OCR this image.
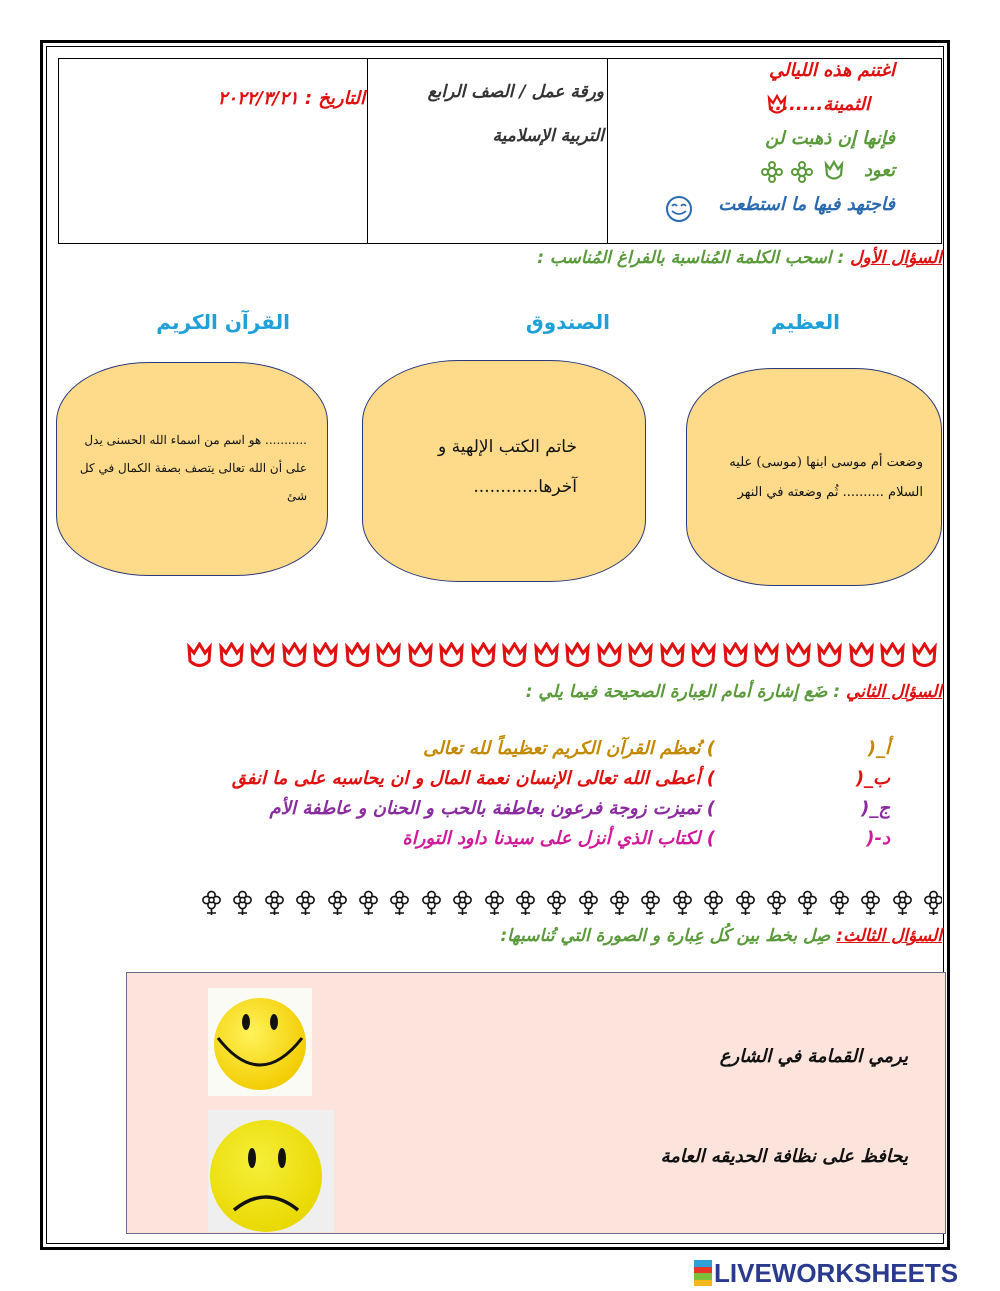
اغتنم هذه الليالي
الثمينة........
فإنها إن ذهبت لن
تعود
فاجتهد فيها ما استطعت
ورقة عمل / الصف الرابع
التربية الإسلامية
التاريخ : ٢٠٢٢/٣/٢١
السؤال الأول : اسحب الكلمة المُناسبة بالفراغ المُناسب :
العظيم
الصندوق
القرآن الكريم
وضعت أم موسى ابنها (موسى) عليه
السلام .......... ثُم وضعته في النهر
خاتم الكتب الإلهية و
آخرها............
........... هو اسم من اسماء الله الحسنى يدل
على أن الله تعالى يتصف بصفة الكمال في كل
شئ
السؤال الثاني : ضَع إشارة أمام العِبارة الصحيحة فيما يلي :
أ_(
) نُعظم القرآن الكريم تعظيماً لله تعالى
ب_(
) أعطى الله تعالى الإنسان نعمة المال و ان يحاسبه على ما انفق
ج_(
) تميزت زوجة فرعون بعاطفة بالحب و الحنان و عاطفة الأم
د-(
) لكتاب الذي أنزل على سيدنا داود التوراة
السؤال الثالث: صِل بخط بين كُل عِبارة و الصورة التي تُناسبها:
يرمي القمامة في الشارع
يحافظ على نظافة الحديقه العامة
LIVEWORKSHEETS
